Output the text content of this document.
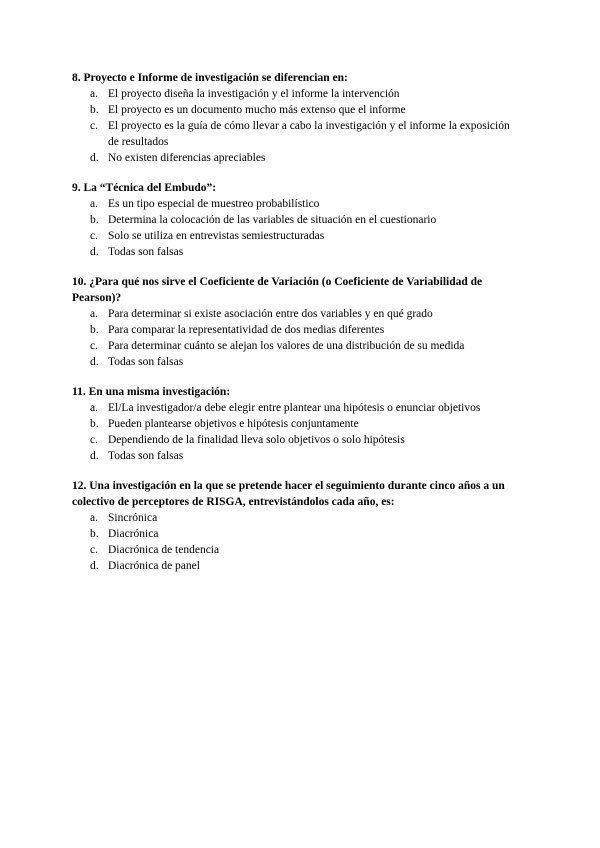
8. Proyecto e Informe de investigación se diferencian en:

a. El proyecto diseña la investigación y el informe la intervención
b. El proyecto es un documento mucho más extenso que el informe
c. El proyecto es la guía de cómo llevar a cabo la investigación y el informe la exposición de resultados
d. No existen diferencias apreciables

9. La “Técnica del Embudo”:

a. Es un tipo especial de muestreo probabilístico
b. Determina la colocación de las variables de situación en el cuestionario
c. Solo se utiliza en entrevistas semiestructuradas
d. Todas son falsas

10. ¿Para qué nos sirve el Coeficiente de Variación (o Coeficiente de Variabilidad de Pearson)?

a. Para determinar si existe asociación entre dos variables y en qué grado
b. Para comparar la representatividad de dos medias diferentes
c. Para determinar cuánto se alejan los valores de una distribución de su medida
d. Todas son falsas

11. En una misma investigación:

a. El/La investigador/a debe elegir entre plantear una hipótesis o enunciar objetivos
b. Pueden plantearse objetivos e hipótesis conjuntamente
c. Dependiendo de la finalidad lleva solo objetivos o solo hipótesis
d. Todas son falsas

12. Una investigación en la que se pretende hacer el seguimiento durante cinco años a un colectivo de perceptores de RISGA, entrevistándolos cada año, es:

a. Sincrónica
b. Diacrónica
c. Diacrónica de tendencia
d. Diacrónica de panel
